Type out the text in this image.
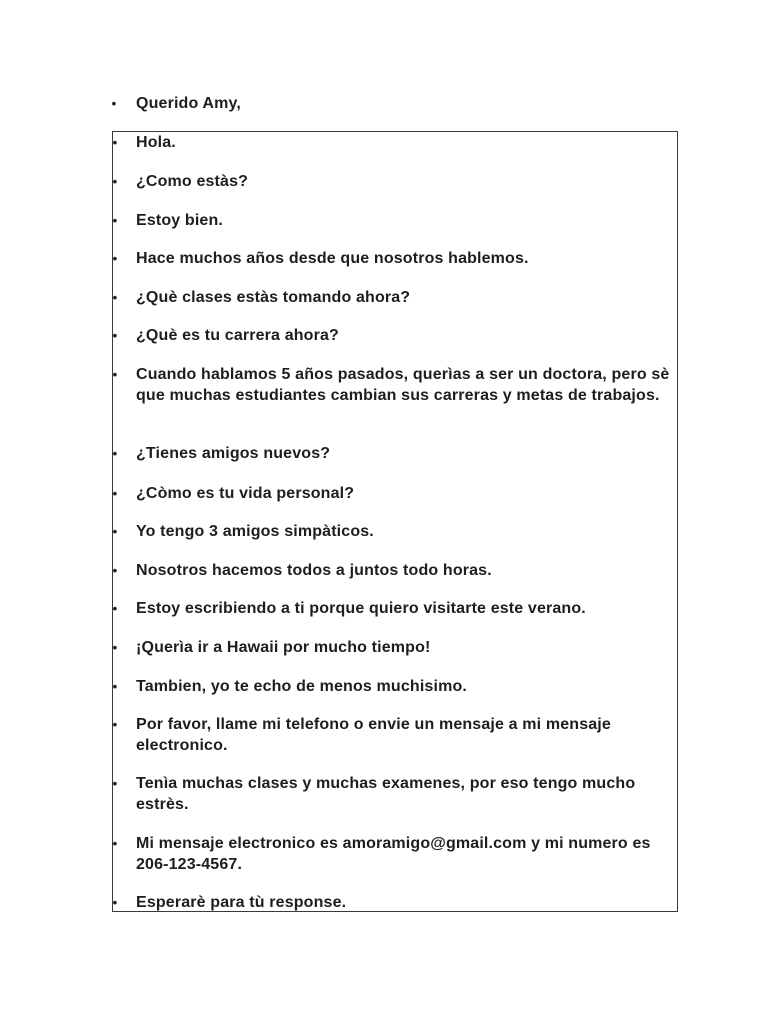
• Querido Amy,
• Hola.
• ¿Como estàs?
• Estoy bien.
• Hace muchos años desde que nosotros hablemos.
• ¿Què clases estàs tomando ahora?
• ¿Què es tu carrera ahora?
• Cuando hablamos 5 años pasados, querìas a ser un doctora, pero sè que muchas estudiantes cambian sus carreras y metas de trabajos.
• ¿Tienes amigos nuevos?
• ¿Còmo es tu vida personal?
• Yo tengo 3 amigos simpàticos.
• Nosotros hacemos todos a juntos todo horas.
• Estoy escribiendo a ti porque quiero visitarte este verano.
• ¡Querìa ir a Hawaii por mucho tiempo!
• Tambien, yo te echo de menos muchisimo.
• Por favor, llame mi telefono o envie un mensaje a mi mensaje electronico.
• Tenìa muchas clases y muchas examenes, por eso tengo mucho estrès.
• Mi mensaje electronico es amoramigo@gmail.com y mi numero es 206-123-4567.
• Esperarè para tù response.
